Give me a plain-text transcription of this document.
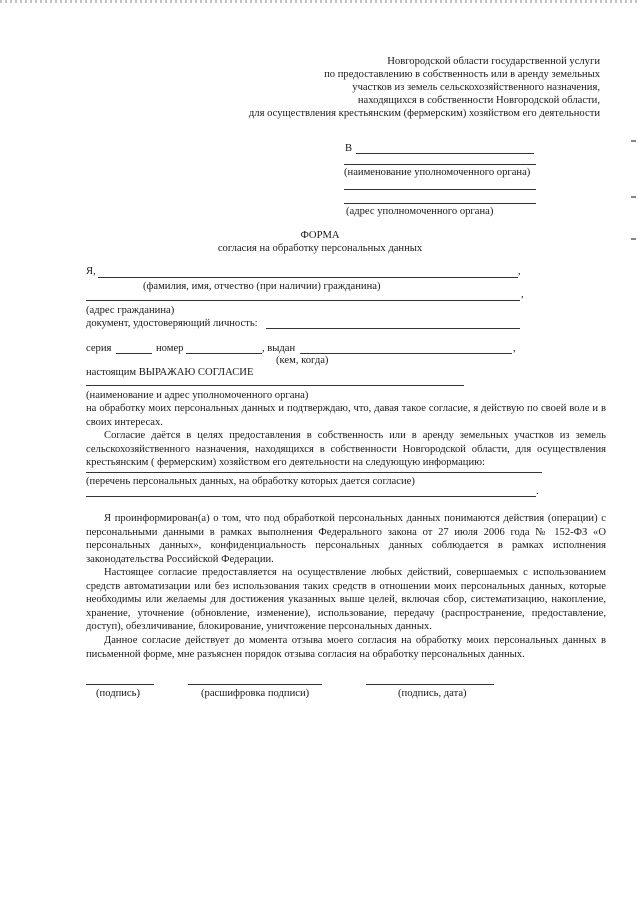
Новгородской области государственной услуги
по предоставлению в собственность или в аренду земельных
участков из земель сельскохозяйственного назначения,
находящихся в собственности Новгородской области,
для осуществления крестьянским (фермерским) хозяйством его деятельности
В
(наименование уполномоченного органа)
(адрес уполномоченного органа)
ФОРМА
согласия на обработку персональных данных
Я,	,
(фамилия, имя, отчество (при наличии) гражданина)
,
(адрес гражданина)
документ, удостоверяющий личность:
серия	номер	, выдан	,
(кем, когда)
настоящим ВЫРАЖАЮ СОГЛАСИЕ
(наименование и адрес уполномоченного органа)
на обработку моих персональных данных и подтверждаю, что, давая такое согласие, я действую по своей воле и в своих интересах.
Согласие даётся в целях предоставления в собственность или в аренду земельных участков из земель сельскохозяйственного назначения, находящихся в собственности Новгородской области, для осуществления крестьянским ( фермерским) хозяйством его деятельности на следующую информацию:
(перечень персональных данных, на обработку которых дается согласие)
.
Я проинформирован(а) о том, что под обработкой персональных данных понимаются действия (операции) с персональными данными в рамках выполнения Федерального закона от 27 июля 2006 года № 152-ФЗ «О персональных данных», конфиденциальность персональных данных соблюдается в рамках исполнения законодательства Российской Федерации.
Настоящее согласие предоставляется на осуществление любых действий, совершаемых с использованием средств автоматизации или без использования таких средств в отношении моих персональных данных, которые необходимы или желаемы для достижения указанных выше целей, включая сбор, систематизацию, накопление, хранение, уточнение (обновление, изменение), использование, передачу (распространение, предоставление, доступ), обезличивание, блокирование, уничтожение персональных данных.
Данное согласие действует до момента отзыва моего согласия на обработку моих персональных данных в письменной форме, мне разъяснен порядок отзыва согласия на обработку персональных данных.
(подпись)	(расшифровка подписи)	(подпись, дата)
